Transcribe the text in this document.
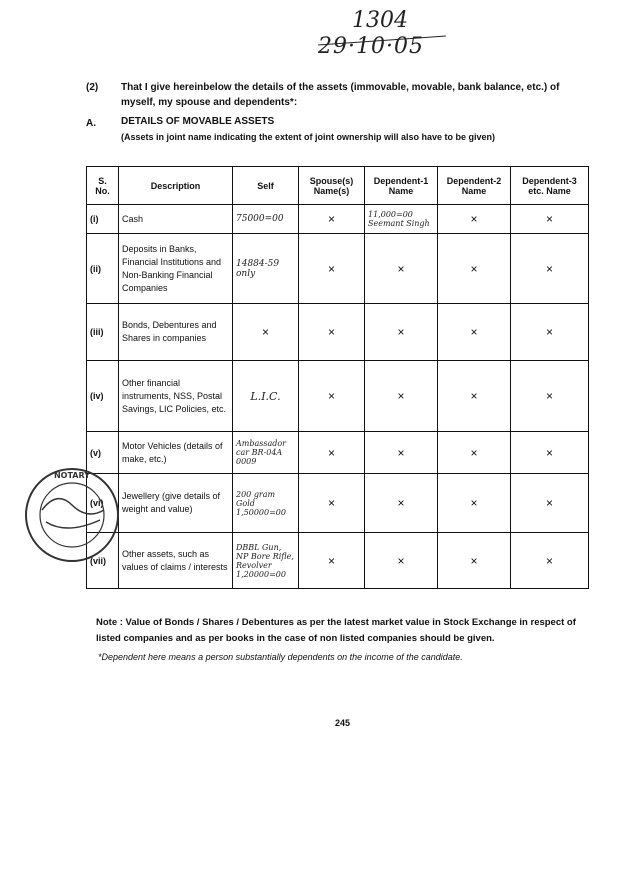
1304
29·10·05
(2) That I give hereinbelow the details of the assets (immovable, movable, bank balance, etc.) of myself, my spouse and dependents*:
A.	DETAILS OF MOVABLE ASSETS
(Assets in joint name indicating the extent of joint ownership will also have to be given)
S. No.	Description	Self	Spouse(s) Name(s)	Dependent-1 Name	Dependent-2 Name	Dependent-3 etc. Name
(i)	Cash	75000=00	×	11,000=00 Seemant Singh	×	×
(ii)	Deposits in Banks, Financial Institutions and Non-Banking Financial Companies	14884-59 only	×	×	×	×
(iii)	Bonds, Debentures and Shares in companies	×	×	×	×	×
(iv)	Other financial instruments, NSS, Postal Savings, LIC Policies, etc.	L.I.C.	×	×	×	×
(v)	Motor Vehicles (details of make, etc.)	Ambassador car BR-04A 0009	×	×	×	×
(vi)	Jewellery (give details of weight and value)	200 gram Gold 1,50000=00	×	×	×	×
(vii)	Other assets, such as values of claims / interests	DBBL Gun, NP Bore Rifle, Revolver 1,20000=00	×	×	×	×
NOTARY
Note : Value of Bonds / Shares / Debentures as per the latest market value in Stock Exchange in respect of listed companies and as per books in the case of non listed companies should be given.
*Dependent here means a person substantially dependents on the income of the candidate.
245
